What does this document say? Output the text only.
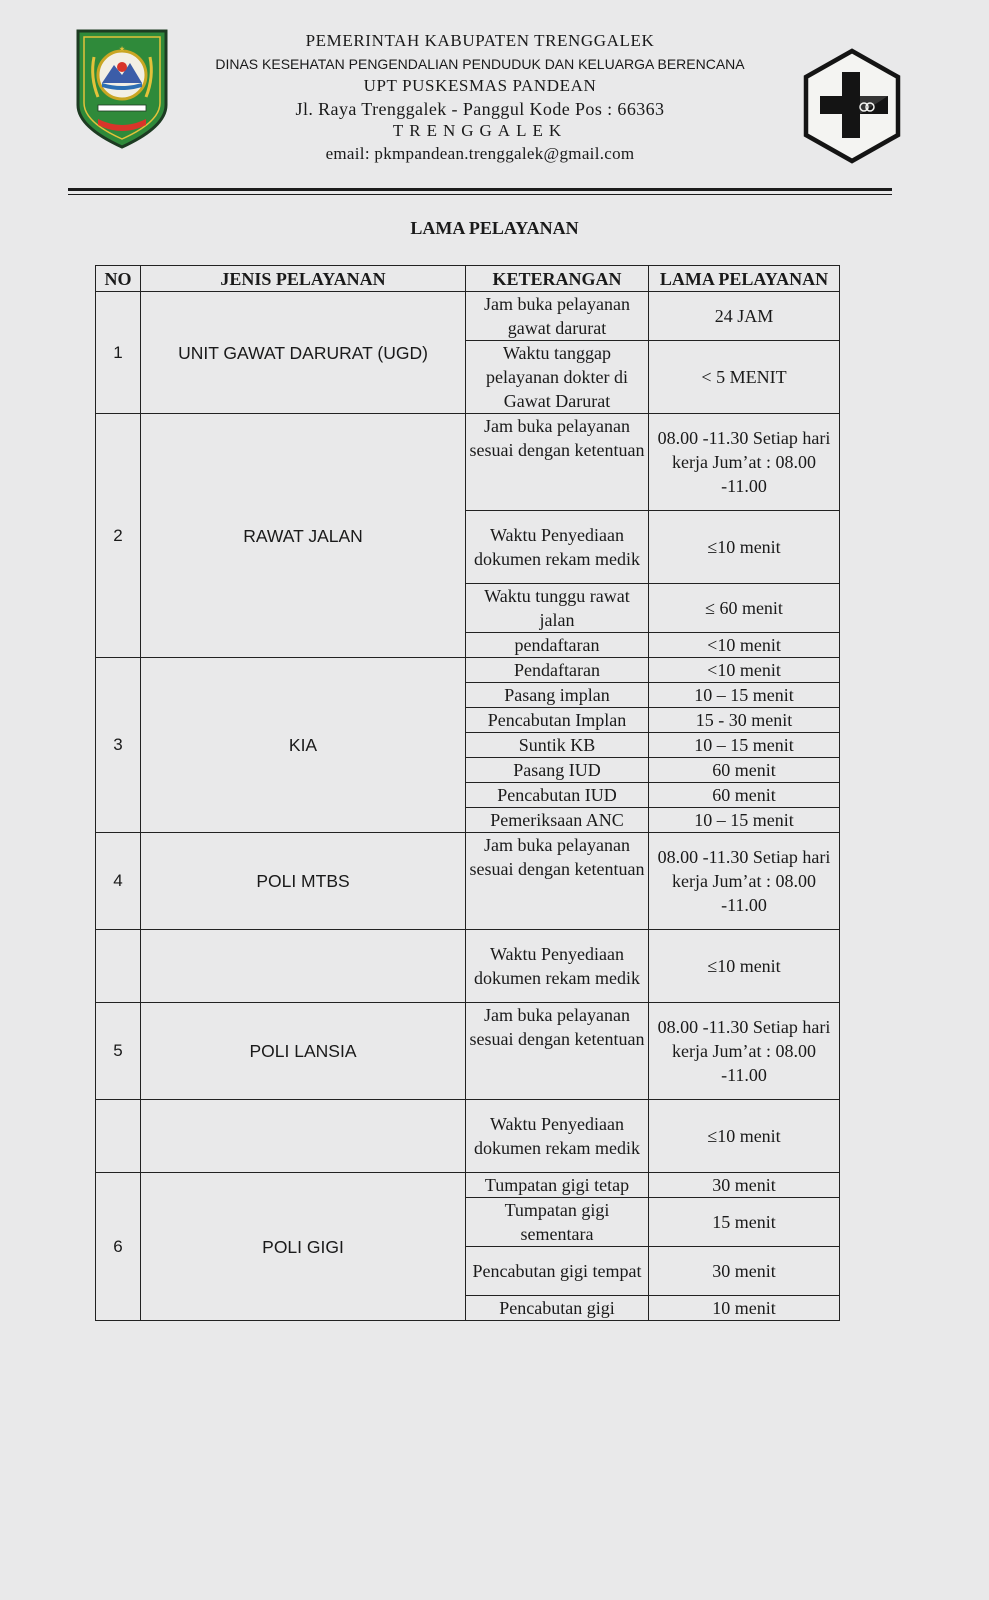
★	PEMERINTAH KABUPATEN TRENGGALEK
DINAS KESEHATAN PENGENDALIAN PENDUDUK DAN KELUARGA BERENCANA
UPT PUSKESMAS PANDEAN
Jl. Raya Trenggalek - Panggul Kode Pos : 66363
TRENGGALEK
email: pkmpandean.trenggalek@gmail.com
LAMA PELAYANAN
NO	JENIS PELAYANAN	KETERANGAN	LAMA PELAYANAN
1	UNIT GAWAT DARURAT (UGD)	Jam buka pelayanan gawat darurat	24 JAM
		Waktu tanggap pelayanan dokter di Gawat Darurat	< 5 MENIT
2	RAWAT JALAN	Jam buka pelayanan sesuai dengan ketentuan	08.00 -11.30 Setiap hari kerja Jum’at : 08.00 -11.00
		Waktu Penyediaan dokumen rekam medik	≤10 menit
		Waktu tunggu rawat jalan	≤ 60 menit
		pendaftaran	<10 menit
3	KIA	Pendaftaran	<10 menit
		Pasang implan	10 – 15 menit
		Pencabutan Implan	15 - 30 menit
		Suntik KB	10 – 15 menit
		Pasang IUD	60 menit
		Pencabutan IUD	60 menit
		Pemeriksaan ANC	10 – 15 menit
4	POLI MTBS	Jam buka pelayanan sesuai dengan ketentuan	08.00 -11.30 Setiap hari kerja Jum’at : 08.00 -11.00
		Waktu Penyediaan dokumen rekam medik	≤10 menit
5	POLI LANSIA	Jam buka pelayanan sesuai dengan ketentuan	08.00 -11.30 Setiap hari kerja Jum’at : 08.00 -11.00
		Waktu Penyediaan dokumen rekam medik	≤10 menit
6	POLI GIGI	Tumpatan gigi tetap	30 menit
		Tumpatan gigi sementara	15 menit
		Pencabutan gigi tempat	30 menit
		Pencabutan gigi	10 menit
